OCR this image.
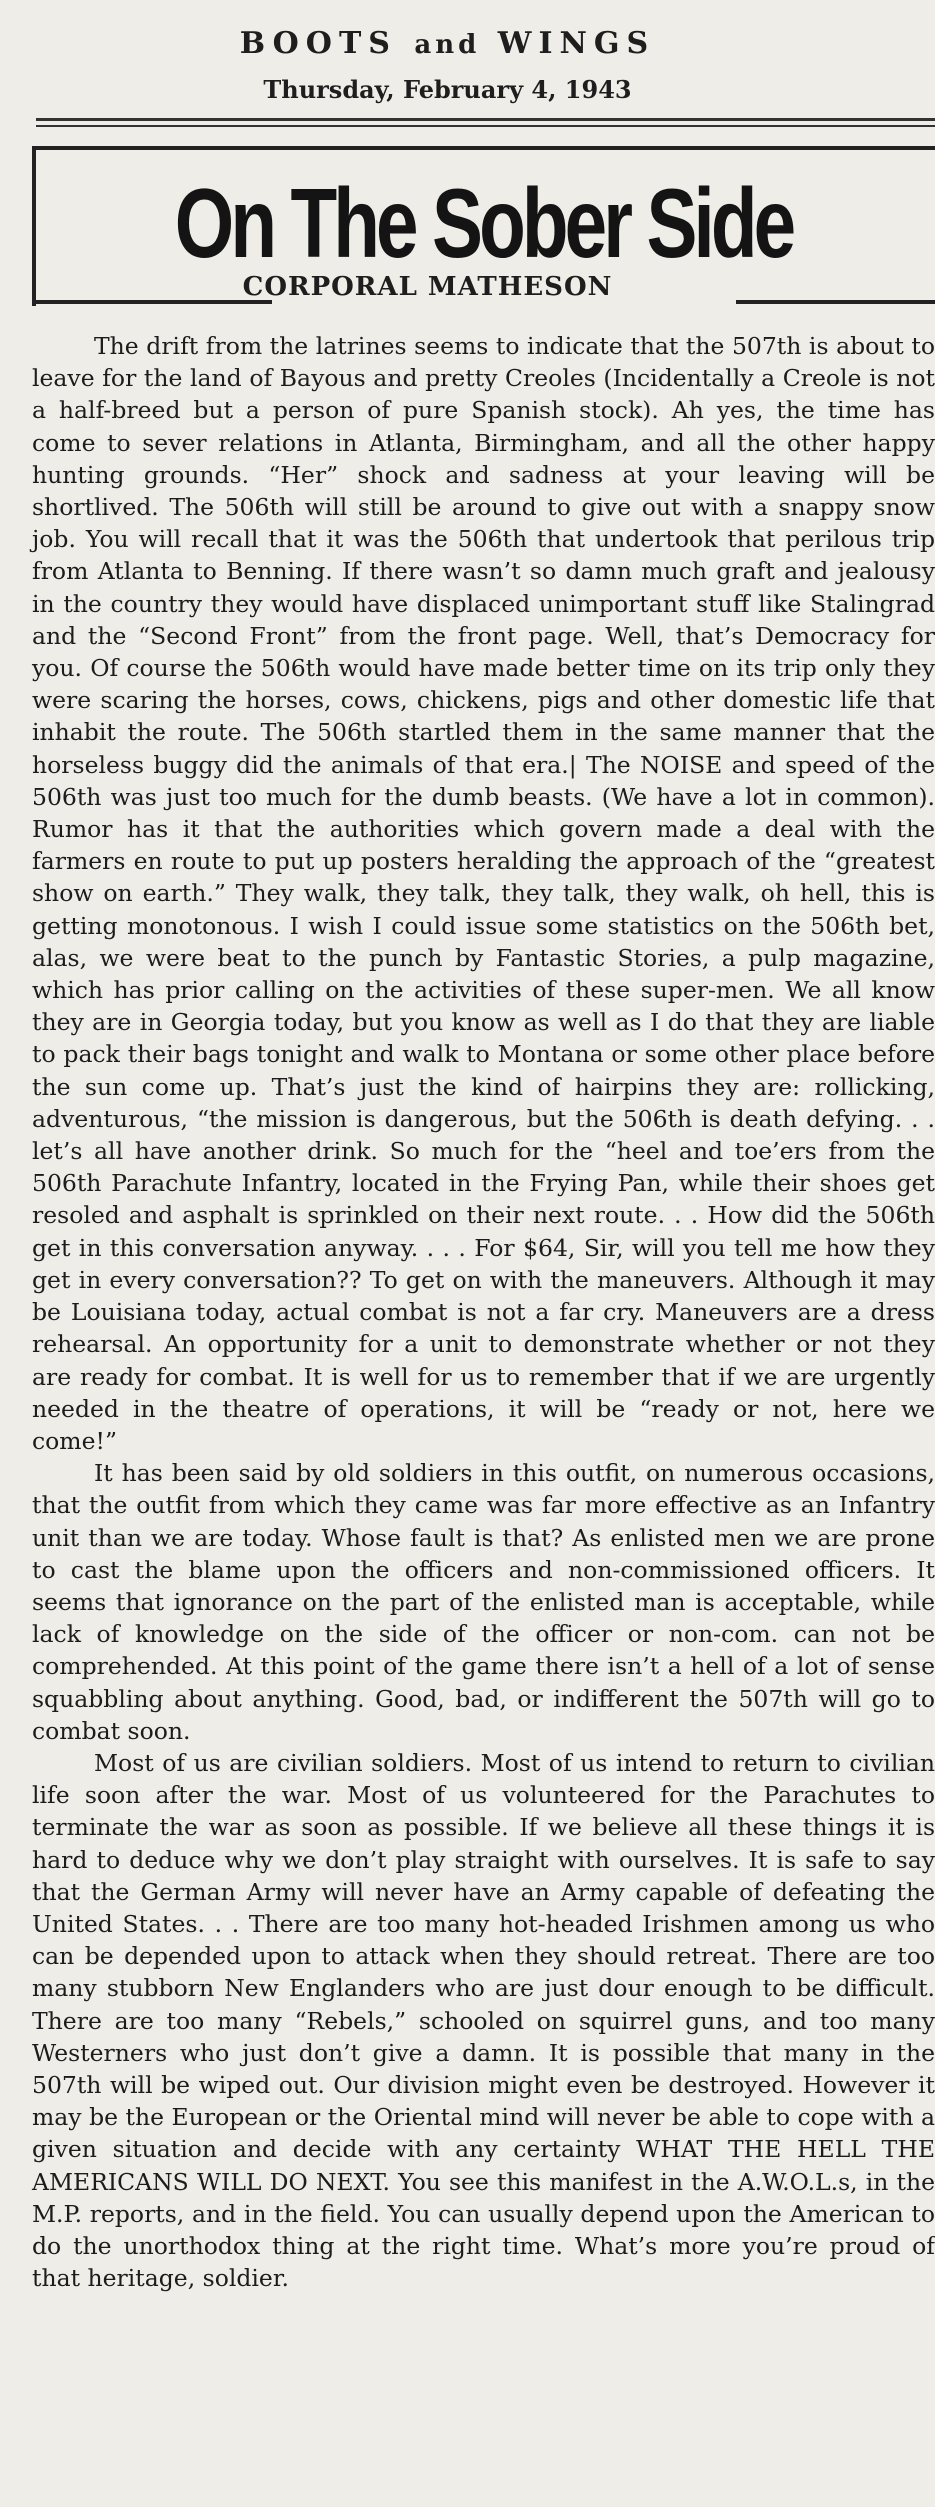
BOOTS and WINGS
Thursday, February 4, 1943
On The Sober Side
CORPORAL MATHESON

The drift from the latrines seems to indicate that the 507th is about to leave for the land of Bayous and pretty Creoles (Incidentally a Creole is not a half-breed but a person of pure Spanish stock). Ah yes, the time has come to sever relations in Atlanta, Birmingham, and all the other happy hunting grounds. “Her” shock and sadness at your leaving will be shortlived. The 506th will still be around to give out with a snappy snow job. You will recall that it was the 506th that undertook that perilous trip from Atlanta to Benning. If there wasn’t so damn much graft and jealousy in the country they would have displaced unimportant stuff like Stalingrad and the “Second Front” from the front page. Well, that’s Democracy for you. Of course the 506th would have made better time on its trip only they were scaring the horses, cows, chickens, pigs and other domestic life that inhabit the route. The 506th startled them in the same manner that the horseless buggy did the animals of that era.| The NOISE and speed of the 506th was just too much for the dumb beasts. (We have a lot in common). Rumor has it that the authorities which govern made a deal with the farmers en route to put up posters heralding the approach of the “greatest show on earth.” They walk, they talk, they talk, they walk, oh hell, this is getting monotonous. I wish I could issue some statistics on the 506th bet, alas, we were beat to the punch by Fantastic Stories, a pulp magazine, which has prior calling on the activities of these super-men. We all know they are in Georgia today, but you know as well as I do that they are liable to pack their bags tonight and walk to Montana or some other place before the sun come up. That’s just the kind of hairpins they are: rollicking, adventurous, “the mission is dangerous, but the 506th is death defying. . . let’s all have another drink. So much for the “heel and toe’ers from the 506th Parachute Infantry, located in the Frying Pan, while their shoes get resoled and asphalt is sprinkled on their next route. . . How did the 506th get in this conversation anyway. . . . For $64, Sir, will you tell me how they get in every conversation?? To get on with the maneuvers. Although it may be Louisiana today, actual combat is not a far cry. Maneuvers are a dress rehearsal. An opportunity for a unit to demonstrate whether or not they are ready for combat. It is well for us to remember that if we are urgently needed in the theatre of operations, it will be “ready or not, here we come!”

It has been said by old soldiers in this outfit, on numerous occasions, that the outfit from which they came was far more effective as an Infantry unit than we are today. Whose fault is that? As enlisted men we are prone to cast the blame upon the officers and non-commissioned officers. It seems that ignorance on the part of the enlisted man is acceptable, while lack of knowledge on the side of the officer or non-com. can not be comprehended. At this point of the game there isn’t a hell of a lot of sense squabbling about anything. Good, bad, or indifferent the 507th will go to combat soon.

Most of us are civilian soldiers. Most of us intend to return to civilian life soon after the war. Most of us volunteered for the Parachutes to terminate the war as soon as possible. If we believe all these things it is hard to deduce why we don’t play straight with ourselves. It is safe to say that the German Army will never have an Army capable of defeating the United States. . . There are too many hot-headed Irishmen among us who can be depended upon to attack when they should retreat. There are too many stubborn New Englanders who are just dour enough to be difficult. There are too many “Rebels,” schooled on squirrel guns, and too many Westerners who just don’t give a damn. It is possible that many in the 507th will be wiped out. Our division might even be destroyed. However it may be the European or the Oriental mind will never be able to cope with a given situation and decide with any certainty WHAT THE HELL THE AMERICANS WILL DO NEXT. You see this manifest in the A.W.O.L.s, in the M.P. reports, and in the field. You can usually depend upon the American to do the unorthodox thing at the right time. What’s more you’re proud of that heritage, soldier.
